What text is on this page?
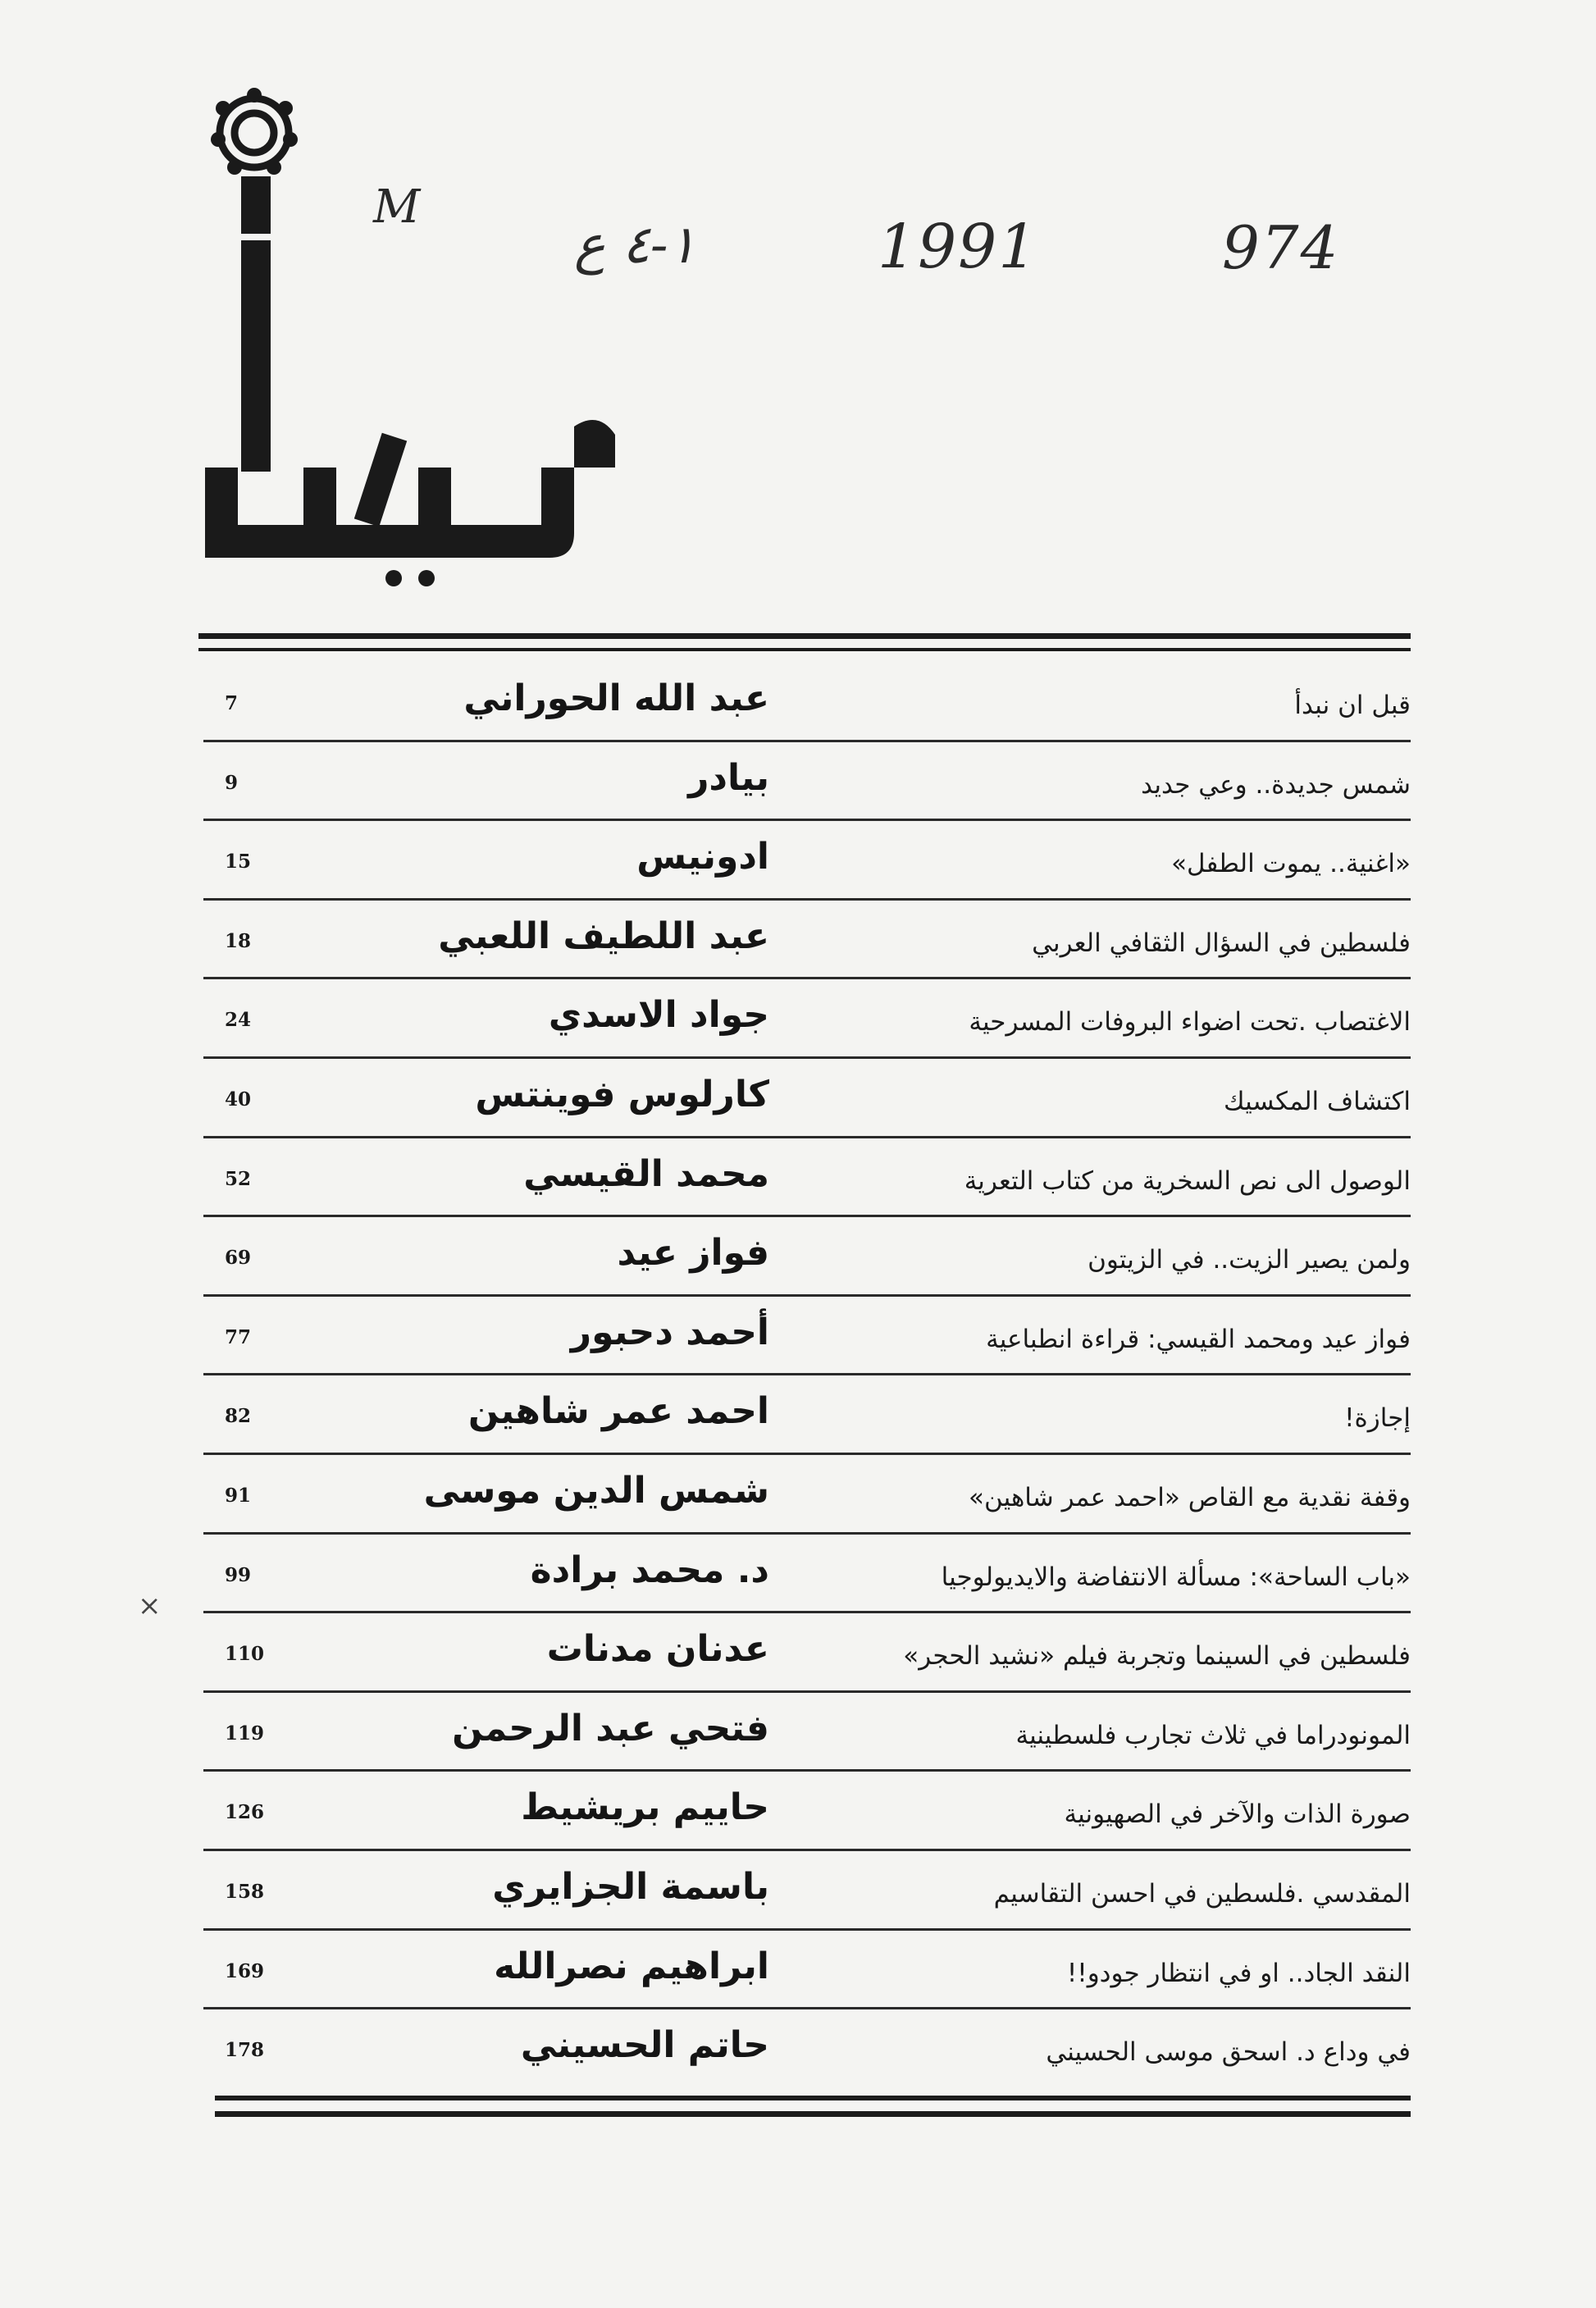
M
١-٤ ع	1991	974
قبل ان نبدأ
عبد الله الحوراني
7
شمس جديدة.. وعي جديد
بيادر
9
«اغنية.. يموت الطفل»
ادونيس
15
فلسطين في السؤال الثقافي العربي
عبد اللطيف اللعبي
18
الاغتصاب .تحت اضواء البروفات المسرحية
جواد الاسدي
24
اكتشاف المكسيك
كارلوس فوينتس
40
الوصول الى نص السخرية من كتاب التعرية
محمد القيسي
52
ولمن يصير الزيت.. في الزيتون
فواز عيد
69
فواز عيد ومحمد القيسي: قراءة انطباعية
أحمد دحبور
77
إجازة!
احمد عمر شاهين
82
وقفة نقدية مع القاص «احمد عمر شاهين»
شمس الدين موسى
91
«باب الساحة»: مسألة الانتفاضة والايديولوجيا
د. محمد برادة
99
فلسطين في السينما وتجربة فيلم «نشيد الحجر»
عدنان مدنات
110
المونودراما في ثلاث تجارب فلسطينية
فتحي عبد الرحمن
119
صورة الذات والآخر في الصهيونية
حاييم بريشيط
126
المقدسي .فلسطين في احسن التقاسيم
باسمة الجزايري
158
النقد الجاد.. او في انتظار جودو!!
ابراهيم نصرالله
169
في وداع د. اسحق موسى الحسيني
حاتم الحسيني
178
×
